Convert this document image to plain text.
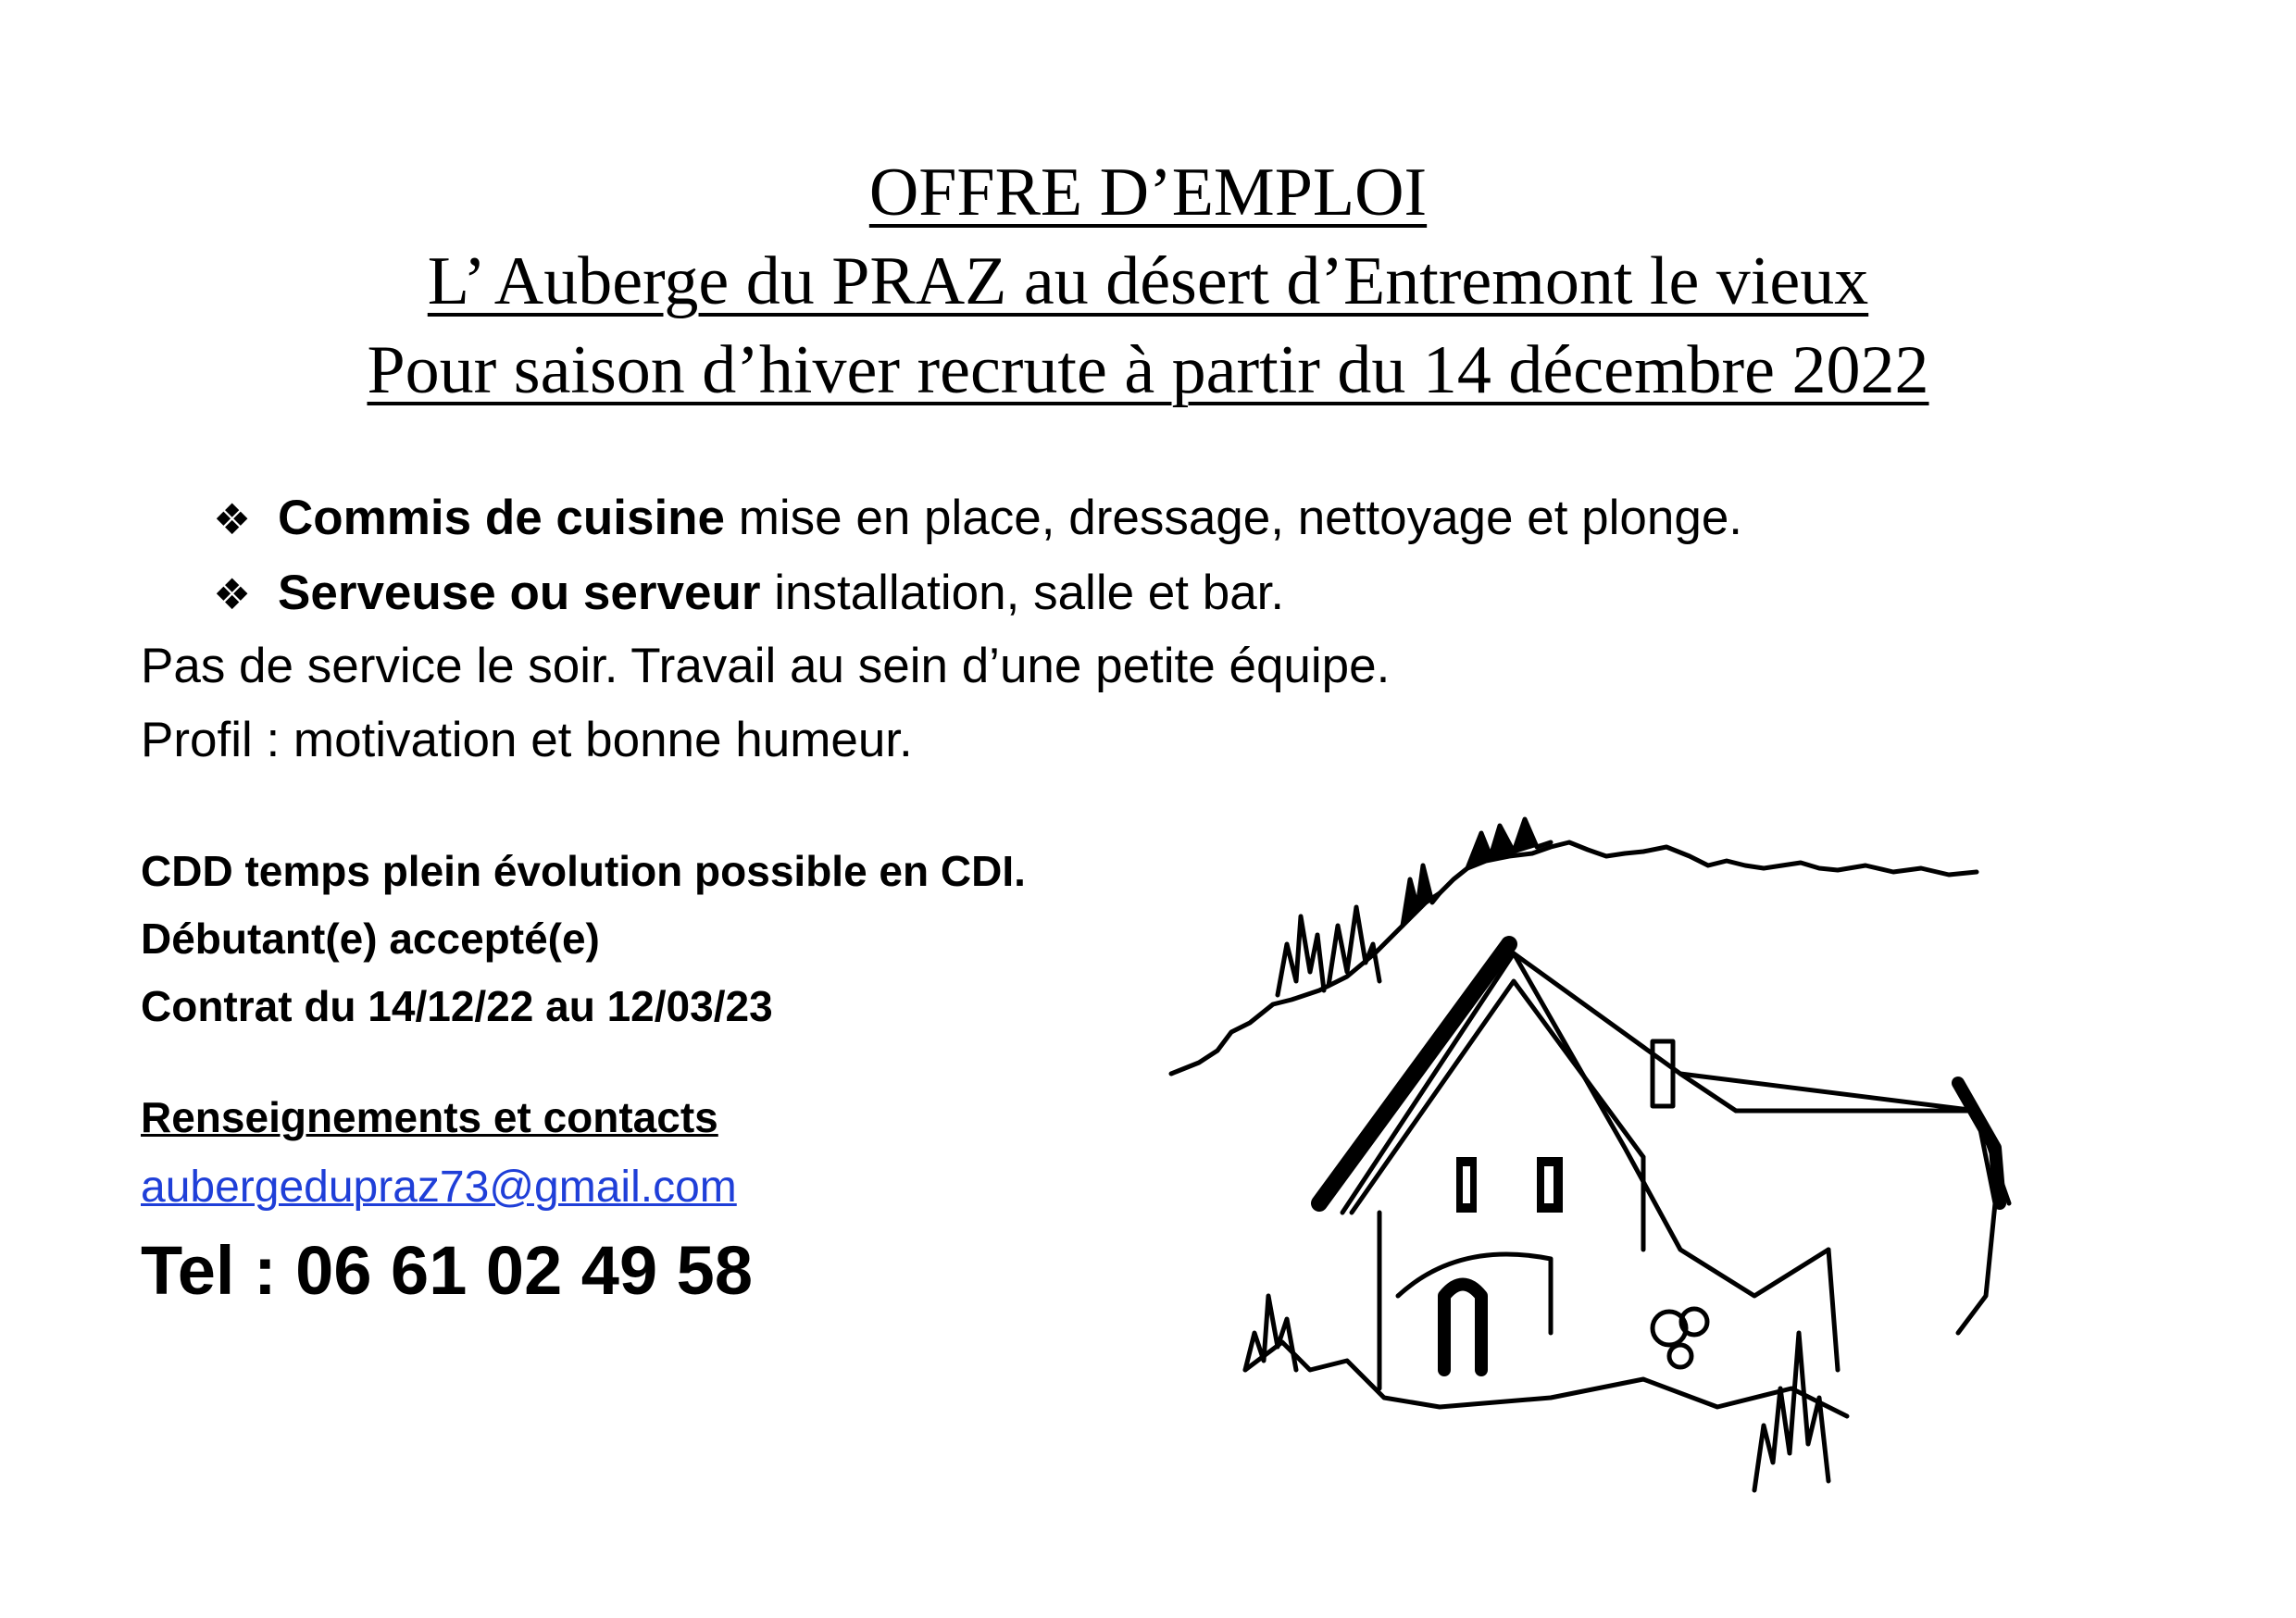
OFFRE D’EMPLOI
L’ Auberge du PRAZ au désert d’Entremont le vieux
Pour saison d’hiver recrute à partir du 14 décembre 2022
❖ Commis de cuisine mise en place, dressage, nettoyage et plonge.
❖ Serveuse ou serveur installation, salle et bar.
Pas de service le soir. Travail au sein d’une petite équipe.
Profil : motivation et bonne humeur.
CDD temps plein évolution possible en CDI.
Débutant(e) accepté(e)
Contrat du 14/12/22 au 12/03/23
Renseignements et contacts
aubergedupraz73@gmail.com
Tel : 06 61 02 49 58
